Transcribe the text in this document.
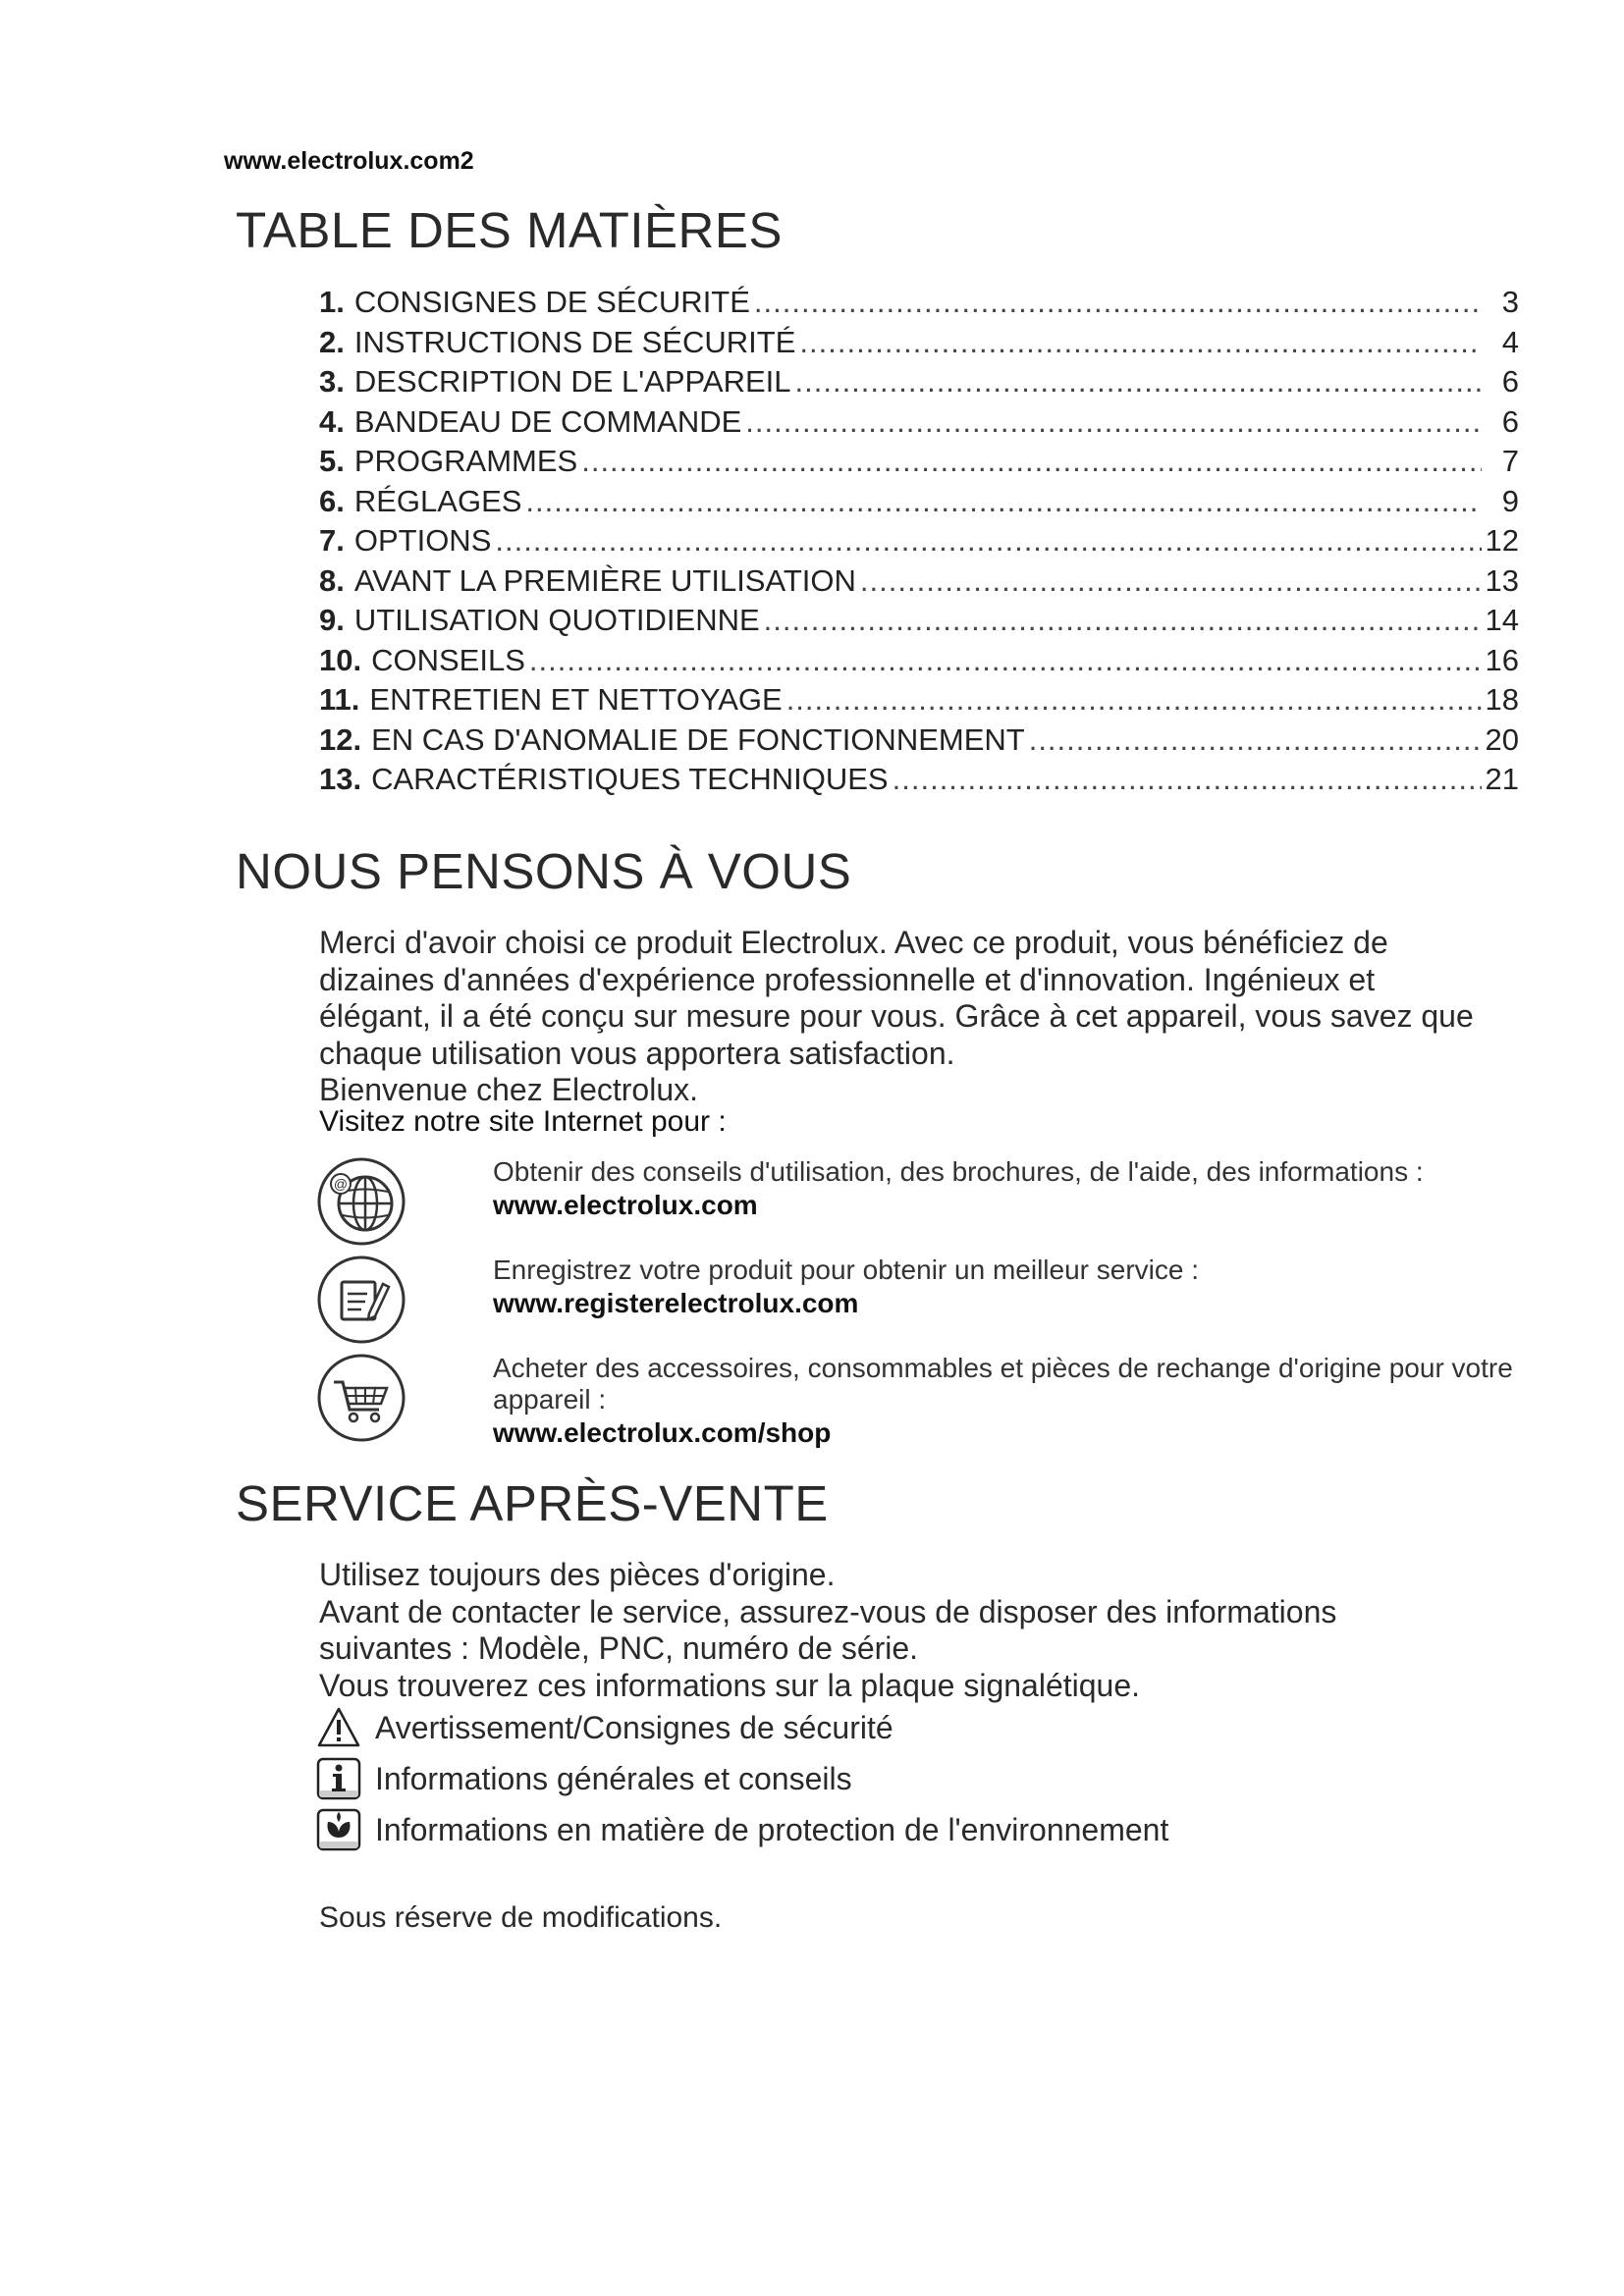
www.electrolux.com2
TABLE DES MATIÈRES
1. CONSIGNES DE SÉCURITÉ .....	3
2. INSTRUCTIONS DE SÉCURITÉ .....	4
3. DESCRIPTION DE L'APPAREIL .....	6
4. BANDEAU DE COMMANDE .....	6
5. PROGRAMMES .....	7
6. RÉGLAGES .....	9
7. OPTIONS .....	12
8. AVANT LA PREMIÈRE UTILISATION .....	13
9. UTILISATION QUOTIDIENNE .....	14
10. CONSEILS .....	16
11. ENTRETIEN ET NETTOYAGE .....	18
12. EN CAS D'ANOMALIE DE FONCTIONNEMENT .....	20
13. CARACTÉRISTIQUES TECHNIQUES .....	21
NOUS PENSONS À VOUS

Merci d'avoir choisi ce produit Electrolux. Avec ce produit, vous bénéficiez de

dizaines d'années d'expérience professionnelle et d'innovation. Ingénieux et

élégant, il a été conçu sur mesure pour vous. Grâce à cet appareil, vous savez que

chaque utilisation vous apportera satisfaction.

Bienvenue chez Electrolux.

Visitez notre site Internet pour :
@	Obtenir des conseils d'utilisation, des brochures, de l'aide, des informations :
www.electrolux.com
Enregistrez votre produit pour obtenir un meilleur service :
www.registerelectrolux.com
Acheter des accessoires, consommables et pièces de rechange d'origine pour votre appareil :
www.electrolux.com/shop
SERVICE APRÈS-VENTE

Utilisez toujours des pièces d'origine.

Avant de contacter le service, assurez-vous de disposer des informations

suivantes : Modèle, PNC, numéro de série.

Vous trouverez ces informations sur la plaque signalétique.

Avertissement/Consignes de sécurité
Informations générales et conseils
Informations en matière de protection de l'environnement
Sous réserve de modifications.
